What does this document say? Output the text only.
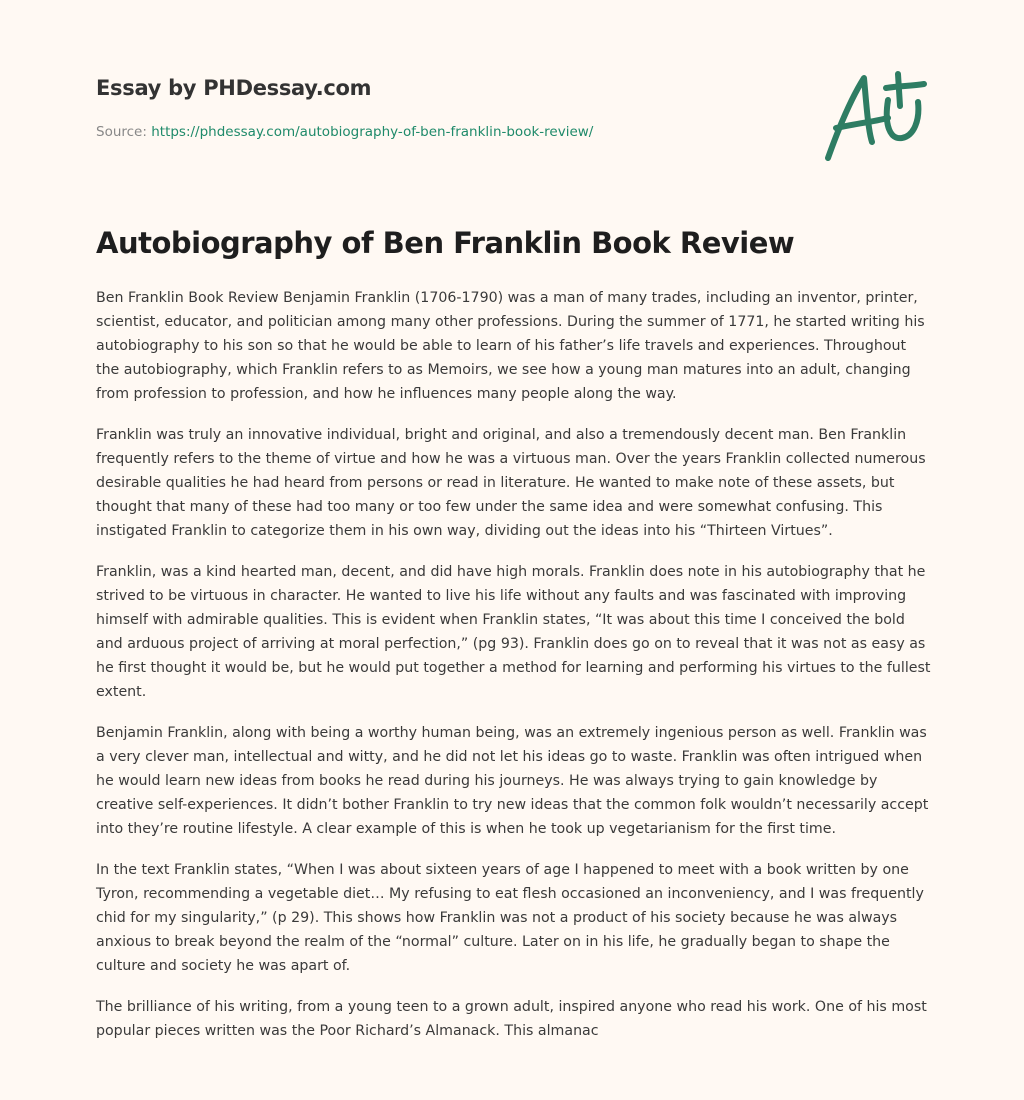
Essay by PHDessay.com
Source: https://phdessay.com/autobiography-of-ben-franklin-book-review/
Autobiography of Ben Franklin Book Review

Ben Franklin Book Review Benjamin Franklin (1706-1790) was a man of many trades, including an inventor, printer, scientist, educator, and politician among many other professions. During the summer of 1771, he started writing his autobiography to his son so that he would be able to learn of his father’s life travels and experiences. Throughout the autobiography, which Franklin refers to as Memoirs, we see how a young man matures into an adult, changing from profession to profession, and how he influences many people along the way.

Franklin was truly an innovative individual, bright and original, and also a tremendously decent man. Ben Franklin frequently refers to the theme of virtue and how he was a virtuous man. Over the years Franklin collected numerous desirable qualities he had heard from persons or read in literature. He wanted to make note of these assets, but thought that many of these had too many or too few under the same idea and were somewhat confusing. This instigated Franklin to categorize them in his own way, dividing out the ideas into his “Thirteen Virtues”.

Franklin, was a kind hearted man, decent, and did have high morals. Franklin does note in his autobiography that he strived to be virtuous in character. He wanted to live his life without any faults and was fascinated with improving himself with admirable qualities. This is evident when Franklin states, “It was about this time I conceived the bold and arduous project of arriving at moral perfection,” (pg 93). Franklin does go on to reveal that it was not as easy as he first thought it would be, but he would put together a method for learning and performing his virtues to the fullest extent.

Benjamin Franklin, along with being a worthy human being, was an extremely ingenious person as well. Franklin was a very clever man, intellectual and witty, and he did not let his ideas go to waste. Franklin was often intrigued when he would learn new ideas from books he read during his journeys. He was always trying to gain knowledge by creative self-experiences. It didn’t bother Franklin to try new ideas that the common folk wouldn’t necessarily accept into they’re routine lifestyle. A clear example of this is when he took up vegetarianism for the first time.

In the text Franklin states, “When I was about sixteen years of age I happened to meet with a book written by one Tyron, recommending a vegetable diet… My refusing to eat flesh occasioned an inconveniency, and I was frequently chid for my singularity,” (p 29). This shows how Franklin was not a product of his society because he was always anxious to break beyond the realm of the “normal” culture. Later on in his life, he gradually began to shape the culture and society he was apart of.

The brilliance of his writing, from a young teen to a grown adult, inspired anyone who read his work. One of his most popular pieces written was the Poor Richard’s Almanack. This almanac
